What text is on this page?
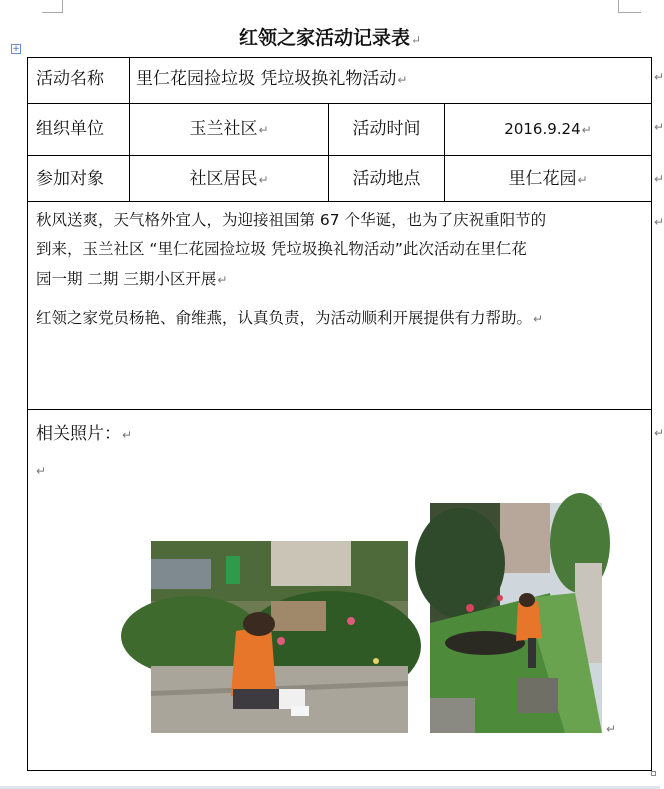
红领之家活动记录表↵
+
活动名称 里仁花园捡垃圾 凭垃圾换礼物活动↵	↵
组织单位	玉兰社区↵	活动时间	2016.9.24↵	↵
参加对象	社区居民↵	活动地点	里仁花园↵	↵
秋风送爽，天气格外宜人，为迎接祖国第 67 个华诞，也为了庆祝重阳节的
到来，玉兰社区 “里仁花园捡垃圾 凭垃圾换礼物活动”此次活动在里仁花
园一期 二期 三期小区开展↵
红领之家党员杨艳、俞维燕，认真负责，为活动顺利开展提供有力帮助。↵
↵
相关照片：↵
↵
↵
↵
